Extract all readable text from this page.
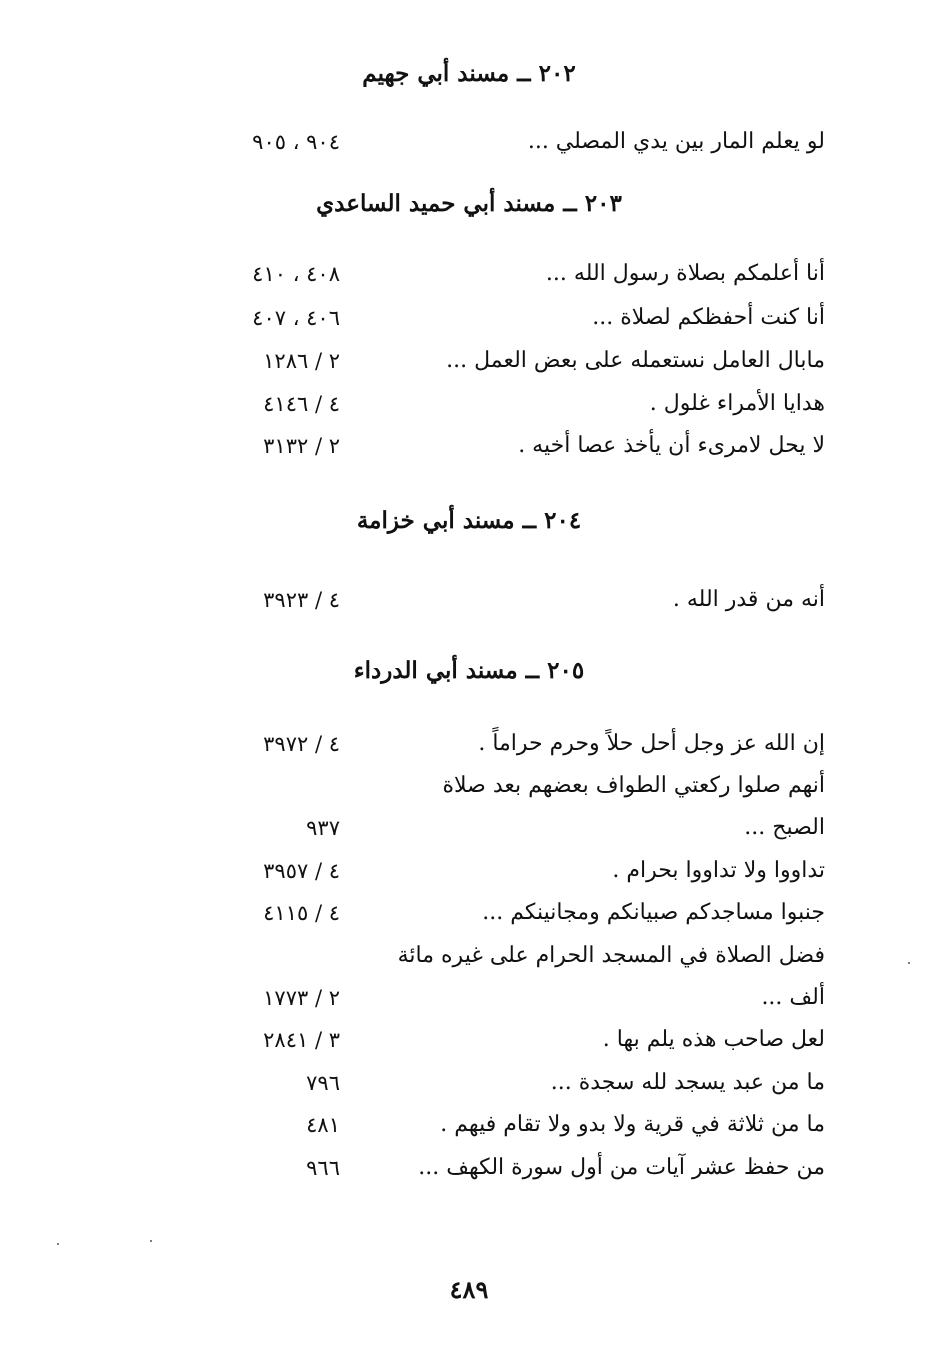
٢٠٢ ــ مسند أبي جهيم
لو يعلم المار بين يدي المصلي ...
٩٠٤ ، ٩٠٥
٢٠٣ ــ مسند أبي حميد الساعدي
أنا أعلمكم بصلاة رسول الله ...
٤٠٨ ، ٤١٠
أنا كنت أحفظكم لصلاة ...
٤٠٦ ، ٤٠٧
مابال العامل نستعمله على بعض العمل ...
٢ / ١٢٨٦
هدايا الأمراء غلول .
٤ / ٤١٤٦
لا يحل لامرىء أن يأخذ عصا أخيه .
٢ / ٣١٣٢
٢٠٤ ــ مسند أبي خزامة
أنه من قدر الله .
٤ / ٣٩٢٣
٢٠٥ ــ مسند أبي الدرداء
إن الله عز وجل أحل حلاً وحرم حراماً .
٤ / ٣٩٧٢
أنهم صلوا ركعتي الطواف بعضهم بعد صلاة
الصبح ...
٩٣٧
تداووا ولا تداووا بحرام .
٤ / ٣٩٥٧
جنبوا مساجدكم صبيانكم ومجانينكم ...
٤ / ٤١١٥
فضل الصلاة في المسجد الحرام على غيره مائة
ألف ...
٢ / ١٧٧٣
لعل صاحب هذه يلم بها .
٣ / ٢٨٤١
ما من عبد يسجد لله سجدة ...
٧٩٦
ما من ثلاثة في قرية ولا بدو ولا تقام فيهم .
٤٨١
من حفظ عشر آيات من أول سورة الكهف ...
٩٦٦
٤٨٩
